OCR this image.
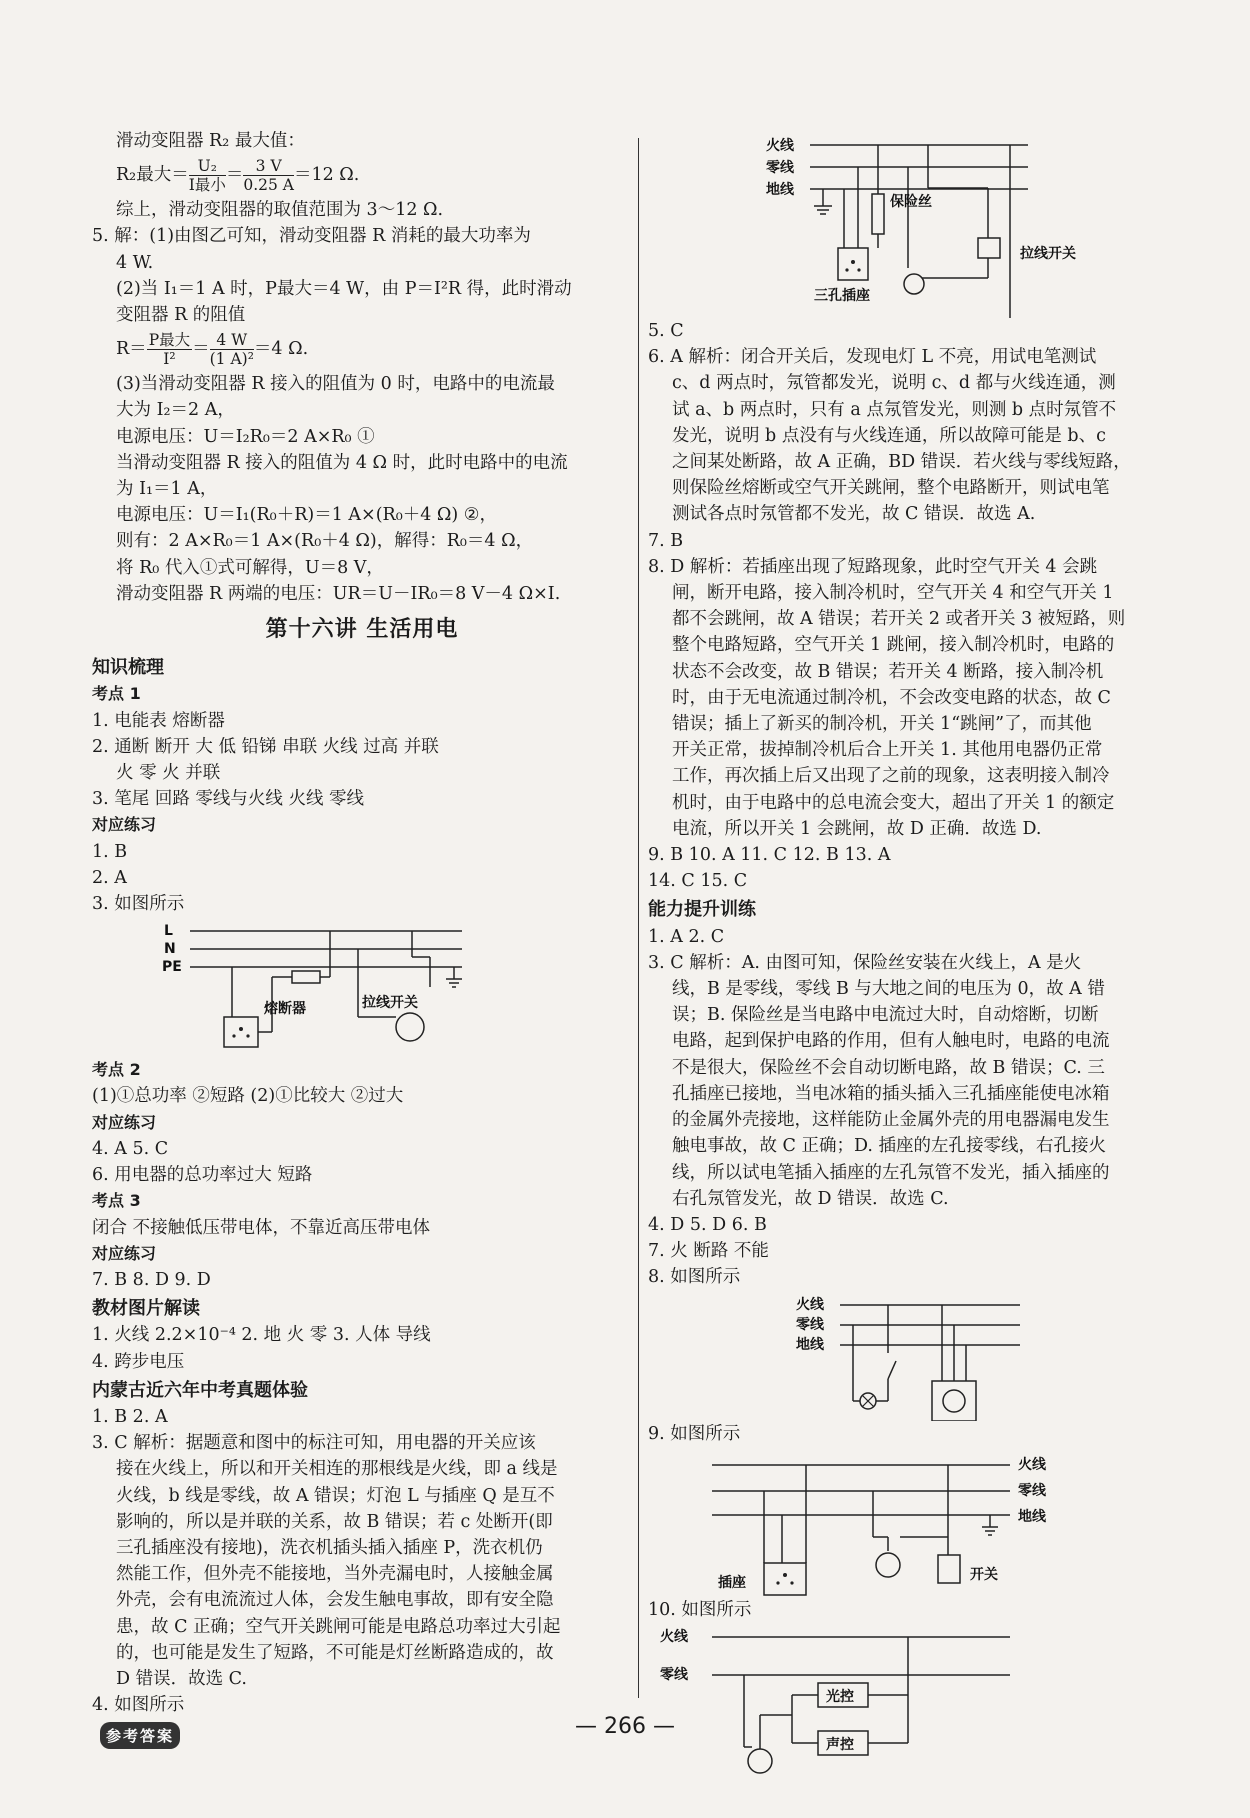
滑动变阻器 R₂ 最大值：

R₂最大＝ $\frac{\text{U₂}}{\text{I最小}} = \frac{3 V}{0.25 A} =12$ Ω.

综上，滑动变阻器的取值范围为 3～12 Ω.

5. 解：(1)由图乙可知，滑动变阻器 R 消耗的最大功率为

4 W.

(2)当 I₁＝1 A 时，P最大＝4 W，由 P＝I²R 得，此时滑动

变阻器 R 的阻值

$R= \frac{\text{P最大}}{\text{I²}} = \frac{4 W}{\text{(1 A)²}} =4$ Ω.

(3)当滑动变阻器 R 接入的阻值为 0 时，电路中的电流最

大为 I₂＝2 A，

电源电压：U＝I₂R₀＝2 A×R₀ ①

当滑动变阻器 R 接入的阻值为 4 Ω 时，此时电路中的电流

为 I₁＝1 A，

电源电压：U＝I₁(R₀＋R)＝1 A×(R₀＋4 Ω) ②，

则有：2 A×R₀＝1 A×(R₀＋4 Ω)，解得：R₀＝4 Ω，

将 R₀ 代入①式可解得，U＝8 V，

滑动变阻器 R 两端的电压：UR＝U－IR₀＝8 V－4 Ω×I.

第十六讲 生活用电

知识梳理

考点 1

1. 电能表 熔断器

2. 通断 断开 大 低 铅锑 串联 火线 过高 并联

火 零 火 并联

3. 笔尾 回路 零线与火线 火线 零线

对应练习

1. B

2. A

3. 如图所示

L
N
PE
熔断器	拉线开关

考点 2

(1)①总功率 ②短路 (2)①比较大 ②过大

对应练习

4. A 5. C

6. 用电器的总功率过大 短路

考点 3

闭合 不接触低压带电体，不靠近高压带电体

对应练习

7. B 8. D 9. D

教材图片解读

1. 火线 2.2×10⁻⁴ 2. 地 火 零 3. 人体 导线

4. 跨步电压

内蒙古近六年中考真题体验

1. B 2. A

3. C 解析：据题意和图中的标注可知，用电器的开关应该

接在火线上，所以和开关相连的那根线是火线，即 a 线是

火线，b 线是零线，故 A 错误；灯泡 L 与插座 Q 是互不

影响的，所以是并联的关系，故 B 错误；若 c 处断开(即

三孔插座没有接地)，洗衣机插头插入插座 P，洗衣机仍

然能工作，但外壳不能接地，当外壳漏电时，人接触金属

外壳，会有电流流过人体，会发生触电事故，即有安全隐

患，故 C 正确；空气开关跳闸可能是电路总功率过大引起

的，也可能是发生了短路，不可能是灯丝断路造成的，故

D 错误．故选 C.

4. 如图所示

火线
零线
地线
保险丝
三孔插座
拉线开关

5. C

6. A 解析：闭合开关后，发现电灯 L 不亮，用试电笔测试

c、d 两点时，氖管都发光，说明 c、d 都与火线连通，测

试 a、b 两点时，只有 a 点氖管发光，则测 b 点时氖管不

发光，说明 b 点没有与火线连通，所以故障可能是 b、c

之间某处断路，故 A 正确，BD 错误．若火线与零线短路，

则保险丝熔断或空气开关跳闸，整个电路断开，则试电笔

测试各点时氖管都不发光，故 C 错误．故选 A.

7. B

8. D 解析：若插座出现了短路现象，此时空气开关 4 会跳

闸，断开电路，接入制冷机时，空气开关 4 和空气开关 1

都不会跳闸，故 A 错误；若开关 2 或者开关 3 被短路，则

整个电路短路，空气开关 1 跳闸，接入制冷机时，电路的

状态不会改变，故 B 错误；若开关 4 断路，接入制冷机

时，由于无电流通过制冷机，不会改变电路的状态，故 C

错误；插上了新买的制冷机，开关 1“跳闸”了，而其他

开关正常，拔掉制冷机后合上开关 1. 其他用电器仍正常

工作，再次插上后又出现了之前的现象，这表明接入制冷

机时，由于电路中的总电流会变大，超出了开关 1 的额定

电流，所以开关 1 会跳闸，故 D 正确．故选 D.

9. B 10. A 11. C 12. B 13. A

14. C 15. C

能力提升训练

1. A 2. C

3. C 解析：A. 由图可知，保险丝安装在火线上，A 是火

线，B 是零线，零线 B 与大地之间的电压为 0，故 A 错

误；B. 保险丝是当电路中电流过大时，自动熔断，切断

电路，起到保护电路的作用，但有人触电时，电路的电流

不是很大，保险丝不会自动切断电路，故 B 错误；C. 三

孔插座已接地，当电冰箱的插头插入三孔插座能使电冰箱

的金属外壳接地，这样能防止金属外壳的用电器漏电发生

触电事故，故 C 正确；D. 插座的左孔接零线，右孔接火

线，所以试电笔插入插座的左孔氖管不发光，插入插座的

右孔氖管发光，故 D 错误．故选 C.

4. D 5. D 6. B

7. 火 断路 不能

8. 如图所示

火线
零线
地线

9. 如图所示

火线
零线
地线
插座	开关

10. 如图所示

火线
零线
光控
声控
参考答案	— 266 —
